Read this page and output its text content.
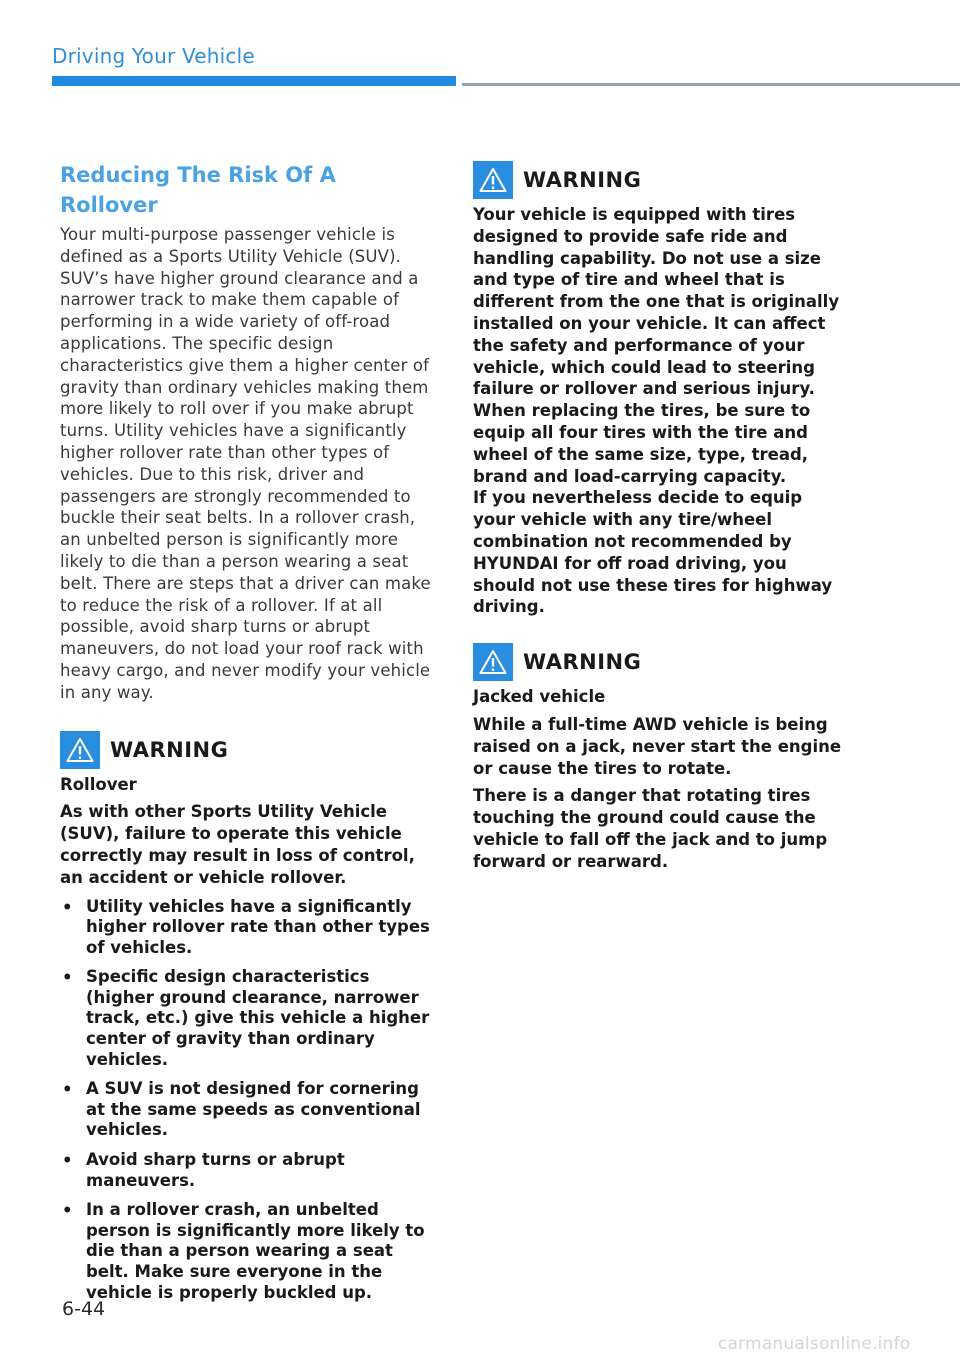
Driving Your Vehicle
Reducing The Risk Of A Rollover

Your multi-purpose passenger vehicle is defined as a Sports Utility Vehicle (SUV). SUV’s have higher ground clearance and a narrower track to make them capable of performing in a wide variety of off-road applications. The specific design characteristics give them a higher center of gravity than ordinary vehicles making them more likely to roll over if you make abrupt turns. Utility vehicles have a significantly higher rollover rate than other types of vehicles. Due to this risk, driver and passengers are strongly recommended to buckle their seat belts. In a rollover crash, an unbelted person is significantly more likely to die than a person wearing a seat belt. There are steps that a driver can make to reduce the risk of a rollover. If at all possible, avoid sharp turns or abrupt maneuvers, do not load your roof rack with heavy cargo, and never modify your vehicle in any way.

WARNING
Rollover
As with other Sports Utility Vehicle (SUV), failure to operate this vehicle correctly may result in loss of control, an accident or vehicle rollover.
• Utility vehicles have a significantly higher rollover rate than other types of vehicles.
• Specific design characteristics (higher ground clearance, narrower track, etc.) give this vehicle a higher center of gravity than ordinary vehicles.
• A SUV is not designed for cornering at the same speeds as conventional vehicles.
• Avoid sharp turns or abrupt maneuvers.
• In a rollover crash, an unbelted person is significantly more likely to die than a person wearing a seat belt. Make sure everyone in the vehicle is properly buckled up.
WARNING
Your vehicle is equipped with tires designed to provide safe ride and handling capability. Do not use a size and type of tire and wheel that is different from the one that is originally installed on your vehicle. It can affect the safety and performance of your vehicle, which could lead to steering failure or rollover and serious injury. When replacing the tires, be sure to equip all four tires with the tire and wheel of the same size, type, tread, brand and load-carrying capacity.
If you nevertheless decide to equip your vehicle with any tire/wheel combination not recommended by HYUNDAI for off road driving, you should not use these tires for highway driving.
WARNING
Jacked vehicle
While a full-time AWD vehicle is being raised on a jack, never start the engine or cause the tires to rotate.
There is a danger that rotating tires touching the ground could cause the vehicle to fall off the jack and to jump forward or rearward.
6-44
carmanualsonline.info
